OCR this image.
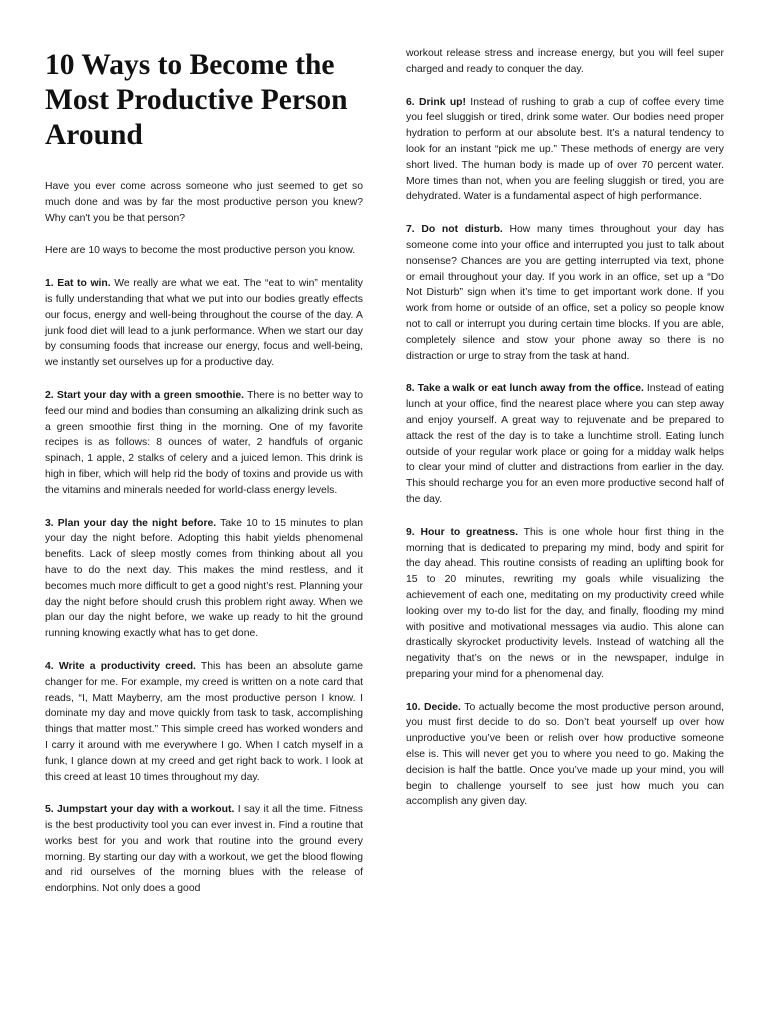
10 Ways to Become the Most Productive Person Around

Have you ever come across someone who just seemed to get so much done and was by far the most productive person you knew? Why can't you be that person?

Here are 10 ways to become the most productive person you know.

1. Eat to win. We really are what we eat. The “eat to win” mentality is fully understanding that what we put into our bodies greatly effects our focus, energy and well-being throughout the course of the day. A junk food diet will lead to a junk performance. When we start our day by consuming foods that increase our energy, focus and well-being, we instantly set ourselves up for a productive day.

2. Start your day with a green smoothie. There is no better way to feed our mind and bodies than consuming an alkalizing drink such as a green smoothie first thing in the morning. One of my favorite recipes is as follows: 8 ounces of water, 2 handfuls of organic spinach, 1 apple, 2 stalks of celery and a juiced lemon. This drink is high in fiber, which will help rid the body of toxins and provide us with the vitamins and minerals needed for world-class energy levels.

3. Plan your day the night before. Take 10 to 15 minutes to plan your day the night before. Adopting this habit yields phenomenal benefits. Lack of sleep mostly comes from thinking about all you have to do the next day. This makes the mind restless, and it becomes much more difficult to get a good night’s rest. Planning your day the night before should crush this problem right away. When we plan our day the night before, we wake up ready to hit the ground running knowing exactly what has to get done.

4. Write a productivity creed. This has been an absolute game changer for me. For example, my creed is written on a note card that reads, “I, Matt Mayberry, am the most productive person I know. I dominate my day and move quickly from task to task, accomplishing things that matter most.” This simple creed has worked wonders and I carry it around with me everywhere I go. When I catch myself in a funk, I glance down at my creed and get right back to work. I look at this creed at least 10 times throughout my day.

5. Jumpstart your day with a workout. I say it all the time. Fitness is the best productivity tool you can ever invest in. Find a routine that works best for you and work that routine into the ground every morning. By starting our day with a workout, we get the blood flowing and rid ourselves of the morning blues with the release of endorphins. Not only does a good

workout release stress and increase energy, but you will feel super charged and ready to conquer the day.

6. Drink up! Instead of rushing to grab a cup of coffee every time you feel sluggish or tired, drink some water. Our bodies need proper hydration to perform at our absolute best. It’s a natural tendency to look for an instant “pick me up.” These methods of energy are very short lived. The human body is made up of over 70 percent water. More times than not, when you are feeling sluggish or tired, you are dehydrated. Water is a fundamental aspect of high performance.

7. Do not disturb. How many times throughout your day has someone come into your office and interrupted you just to talk about nonsense? Chances are you are getting interrupted via text, phone or email throughout your day. If you work in an office, set up a “Do Not Disturb” sign when it’s time to get important work done. If you work from home or outside of an office, set a policy so people know not to call or interrupt you during certain time blocks. If you are able, completely silence and stow your phone away so there is no distraction or urge to stray from the task at hand.

8. Take a walk or eat lunch away from the office. Instead of eating lunch at your office, find the nearest place where you can step away and enjoy yourself. A great way to rejuvenate and be prepared to attack the rest of the day is to take a lunchtime stroll. Eating lunch outside of your regular work place or going for a midday walk helps to clear your mind of clutter and distractions from earlier in the day. This should recharge you for an even more productive second half of the day.

9. Hour to greatness. This is one whole hour first thing in the morning that is dedicated to preparing my mind, body and spirit for the day ahead. This routine consists of reading an uplifting book for 15 to 20 minutes, rewriting my goals while visualizing the achievement of each one, meditating on my productivity creed while looking over my to-do list for the day, and finally, flooding my mind with positive and motivational messages via audio. This alone can drastically skyrocket productivity levels. Instead of watching all the negativity that’s on the news or in the newspaper, indulge in preparing your mind for a phenomenal day.

10. Decide. To actually become the most productive person around, you must first decide to do so. Don’t beat yourself up over how unproductive you’ve been or relish over how productive someone else is. This will never get you to where you need to go. Making the decision is half the battle. Once you’ve made up your mind, you will begin to challenge yourself to see just how much you can accomplish any given day.
